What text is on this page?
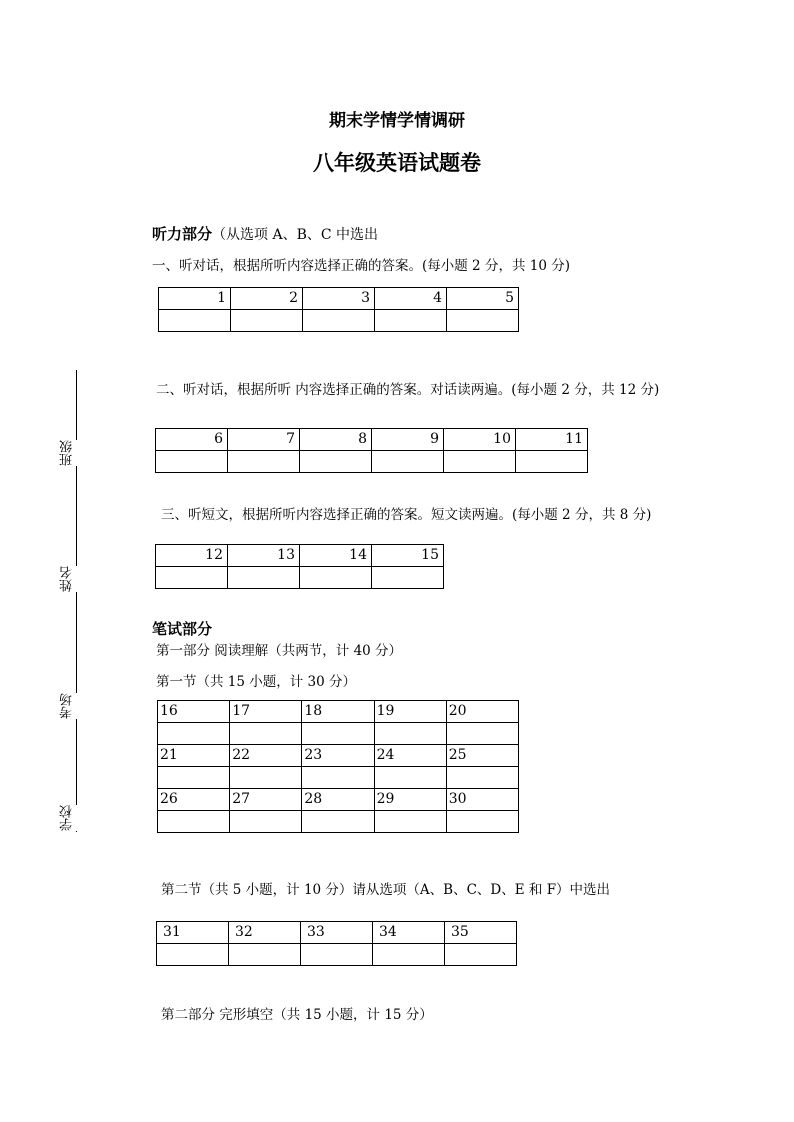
期末学情学情调研
八年级英语试题卷
班级
姓名
考场
学校
听力部分（从选项 A、B、C 中选出
一、听对话，根据所听内容选择正确的答案。(每小题 2 分，共 10 分)
1	2	3	4	5

二、听对话，根据所听 内容选择正确的答案。对话读两遍。(每小题 2 分，共 12 分)
6	7	8	9	10	11

三、听短文，根据所听内容选择正确的答案。短文读两遍。(每小题 2 分，共 8 分)
12	13	14	15

笔试部分
第一部分 阅读理解（共两节，计 40 分）
第一节（共 15 小题，计 30 分）
16	17	18	19	20

21	22	23	24	25

26	27	28	29	30

第二节（共 5 小题，计 10 分）请从选项（A、B、C、D、E 和 F）中选出
31	32	33	34	35

第二部分 完形填空（共 15 小题，计 15 分）
